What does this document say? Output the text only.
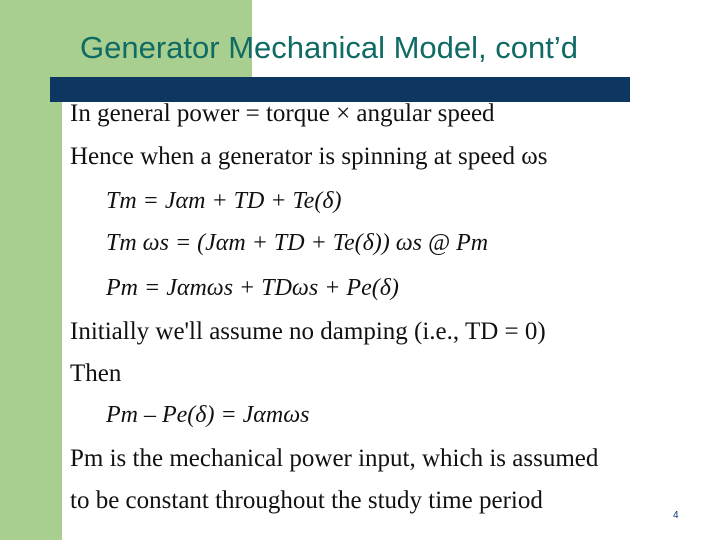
Generator Mechanical Model, cont’d
In general power = torque × angular speed
Hence when a generator is spinning at speed ωs
Tm = Jαm + TD + Te(δ)
Tm ωs = (Jαm + TD + Te(δ)) ωs @ Pm
Pm = Jαmωs + TDωs + Pe(δ)
Initially we'll assume no damping (i.e., TD = 0)
Then
Pm – Pe(δ) = Jαmωs
Pm is the mechanical power input, which is assumed
to be constant throughout the study time period
4
